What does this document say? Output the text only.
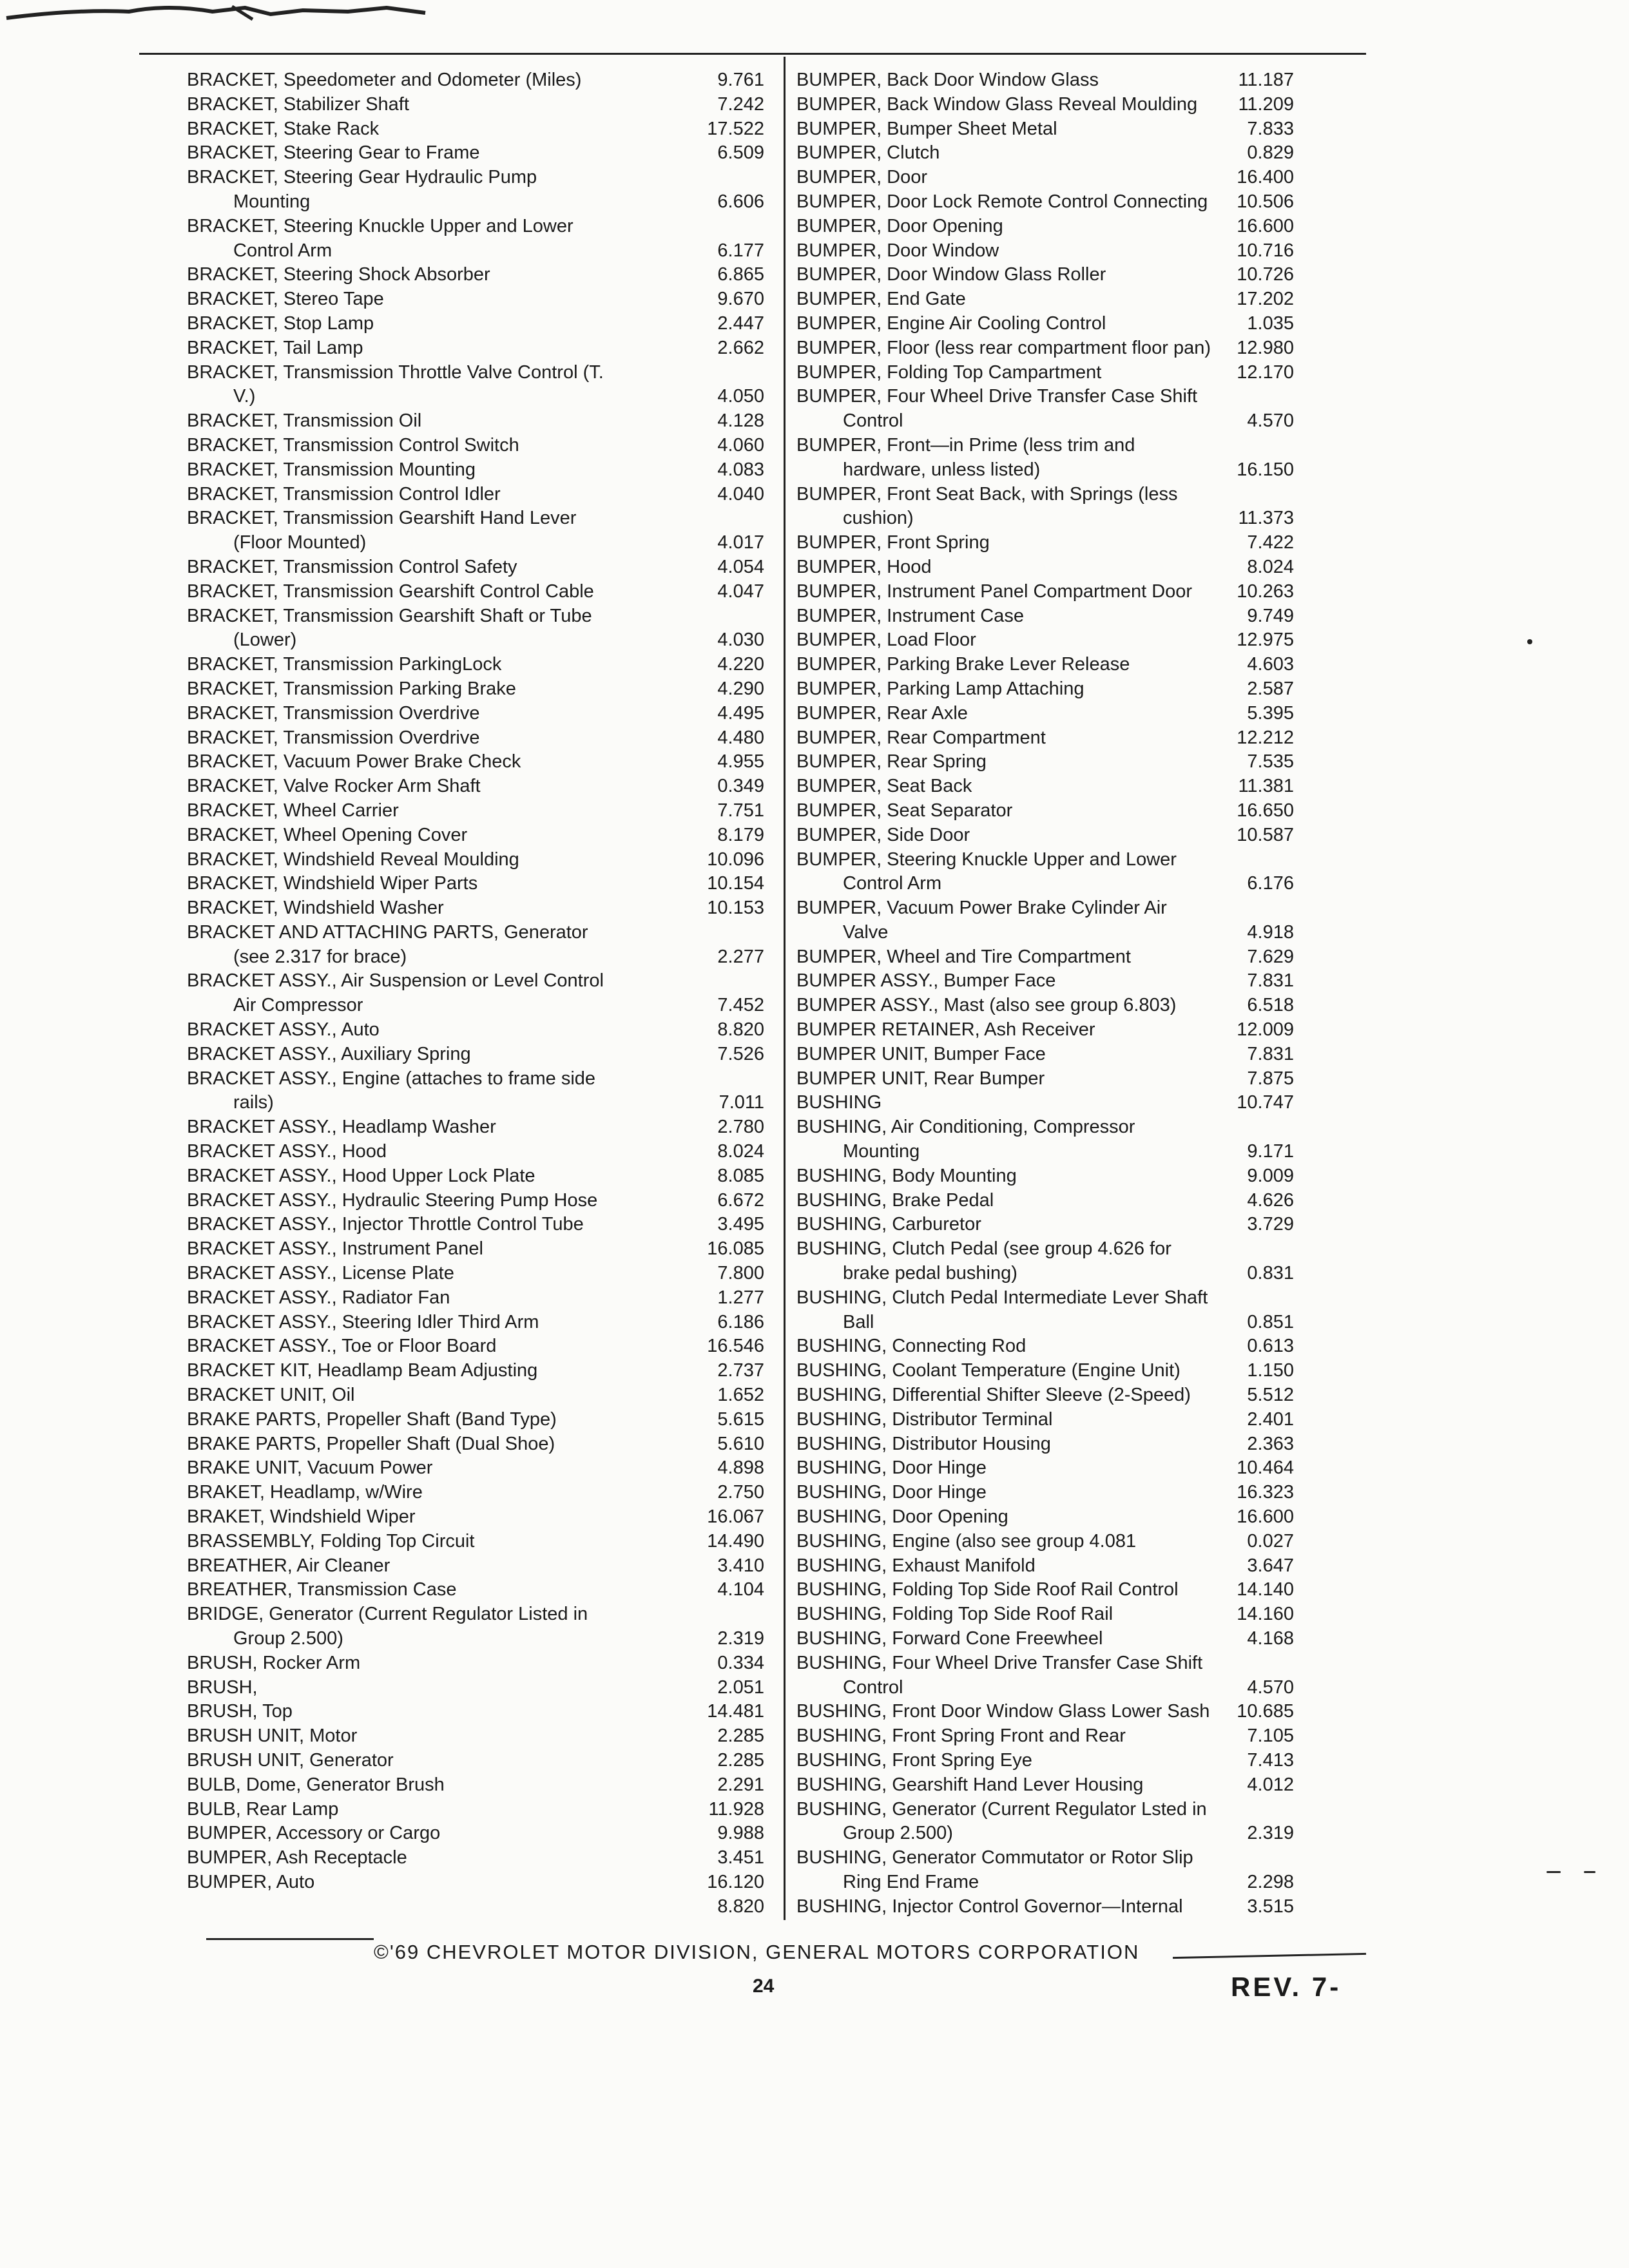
BRACKET, Speedometer and Odometer (Miles)	9.761
BRACKET, Stabilizer Shaft	7.242
BRACKET, Stake Rack	17.522
BRACKET, Steering Gear to Frame	6.509
BRACKET, Steering Gear Hydraulic Pump
Mounting	6.606
BRACKET, Steering Knuckle Upper and Lower
Control Arm	6.177
BRACKET, Steering Shock Absorber	6.865
BRACKET, Stereo Tape	9.670
BRACKET, Stop Lamp	2.447
BRACKET, Tail Lamp	2.662
BRACKET, Transmission Throttle Valve Control (T.
V.)	4.050
BRACKET, Transmission Oil	4.128
BRACKET, Transmission Control Switch	4.060
BRACKET, Transmission Mounting	4.083
BRACKET, Transmission Control Idler	4.040
BRACKET, Transmission Gearshift Hand Lever
(Floor Mounted)	4.017
BRACKET, Transmission Control Safety	4.054
BRACKET, Transmission Gearshift Control Cable	4.047
BRACKET, Transmission Gearshift Shaft or Tube
(Lower)	4.030
BRACKET, Transmission ParkingLock	4.220
BRACKET, Transmission Parking Brake	4.290
BRACKET, Transmission Overdrive	4.495
BRACKET, Transmission Overdrive	4.480
BRACKET, Vacuum Power Brake Check	4.955
BRACKET, Valve Rocker Arm Shaft	0.349
BRACKET, Wheel Carrier	7.751
BRACKET, Wheel Opening Cover	8.179
BRACKET, Windshield Reveal Moulding	10.096
BRACKET, Windshield Wiper Parts	10.154
BRACKET, Windshield Washer	10.153
BRACKET AND ATTACHING PARTS, Generator
(see 2.317 for brace)	2.277
BRACKET ASSY., Air Suspension or Level Control
Air Compressor	7.452
BRACKET ASSY., Auto	8.820
BRACKET ASSY., Auxiliary Spring	7.526
BRACKET ASSY., Engine (attaches to frame side
rails)	7.011
BRACKET ASSY., Headlamp Washer	2.780
BRACKET ASSY., Hood	8.024
BRACKET ASSY., Hood Upper Lock Plate	8.085
BRACKET ASSY., Hydraulic Steering Pump Hose	6.672
BRACKET ASSY., Injector Throttle Control Tube	3.495
BRACKET ASSY., Instrument Panel	16.085
BRACKET ASSY., License Plate	7.800
BRACKET ASSY., Radiator Fan	1.277
BRACKET ASSY., Steering Idler Third Arm	6.186
BRACKET ASSY., Toe or Floor Board	16.546
BRACKET KIT, Headlamp Beam Adjusting	2.737
BRACKET UNIT, Oil	1.652
BRAKE PARTS, Propeller Shaft (Band Type)	5.615
BRAKE PARTS, Propeller Shaft (Dual Shoe)	5.610
BRAKE UNIT, Vacuum Power	4.898
BRAKET, Headlamp, w/Wire	2.750
BRAKET, Windshield Wiper	16.067
BRASSEMBLY, Folding Top Circuit	14.490
BREATHER, Air Cleaner	3.410
BREATHER, Transmission Case	4.104
BRIDGE, Generator (Current Regulator Listed in
Group 2.500)	2.319
BRUSH, Rocker Arm	0.334
BRUSH,	2.051
BRUSH, Top	14.481
BRUSH UNIT, Motor	2.285
BRUSH UNIT, Generator	2.285
BULB, Dome, Generator Brush	2.291
BULB, Rear Lamp	11.928
BUMPER, Accessory or Cargo	9.988
BUMPER, Ash Receptacle	3.451
BUMPER, Auto	16.120
8.820
BUMPER, Back Door Window Glass	11.187
BUMPER, Back Window Glass Reveal Moulding	11.209
BUMPER, Bumper Sheet Metal	7.833
BUMPER, Clutch	0.829
BUMPER, Door	16.400
BUMPER, Door Lock Remote Control Connecting	10.506
BUMPER, Door Opening	16.600
BUMPER, Door Window	10.716
BUMPER, Door Window Glass Roller	10.726
BUMPER, End Gate	17.202
BUMPER, Engine Air Cooling Control	1.035
BUMPER, Floor (less rear compartment floor pan)	12.980
BUMPER, Folding Top Campartment	12.170
BUMPER, Four Wheel Drive Transfer Case Shift
Control	4.570
BUMPER, Front—in Prime (less trim and
hardware, unless listed)	16.150
BUMPER, Front Seat Back, with Springs (less
cushion)	11.373
BUMPER, Front Spring	7.422
BUMPER, Hood	8.024
BUMPER, Instrument Panel Compartment Door	10.263
BUMPER, Instrument Case	9.749
BUMPER, Load Floor	12.975
BUMPER, Parking Brake Lever Release	4.603
BUMPER, Parking Lamp Attaching	2.587
BUMPER, Rear Axle	5.395
BUMPER, Rear Compartment	12.212
BUMPER, Rear Spring	7.535
BUMPER, Seat Back	11.381
BUMPER, Seat Separator	16.650
BUMPER, Side Door	10.587
BUMPER, Steering Knuckle Upper and Lower
Control Arm	6.176
BUMPER, Vacuum Power Brake Cylinder Air
Valve	4.918
BUMPER, Wheel and Tire Compartment	7.629
BUMPER ASSY., Bumper Face	7.831
BUMPER ASSY., Mast (also see group 6.803)	6.518
BUMPER RETAINER, Ash Receiver	12.009
BUMPER UNIT, Bumper Face	7.831
BUMPER UNIT, Rear Bumper	7.875
BUSHING	10.747
BUSHING, Air Conditioning, Compressor
Mounting	9.171
BUSHING, Body Mounting	9.009
BUSHING, Brake Pedal	4.626
BUSHING, Carburetor	3.729
BUSHING, Clutch Pedal (see group 4.626 for
brake pedal bushing)	0.831
BUSHING, Clutch Pedal Intermediate Lever Shaft
Ball	0.851
BUSHING, Connecting Rod	0.613
BUSHING, Coolant Temperature (Engine Unit)	1.150
BUSHING, Differential Shifter Sleeve (2-Speed)	5.512
BUSHING, Distributor Terminal	2.401
BUSHING, Distributor Housing	2.363
BUSHING, Door Hinge	10.464
BUSHING, Door Hinge	16.323
BUSHING, Door Opening	16.600
BUSHING, Engine (also see group 4.081	0.027
BUSHING, Exhaust Manifold	3.647
BUSHING, Folding Top Side Roof Rail Control	14.140
BUSHING, Folding Top Side Roof Rail	14.160
BUSHING, Forward Cone Freewheel	4.168
BUSHING, Four Wheel Drive Transfer Case Shift
Control	4.570
BUSHING, Front Door Window Glass Lower Sash	10.685
BUSHING, Front Spring Front and Rear	7.105
BUSHING, Front Spring Eye	7.413
BUSHING, Gearshift Hand Lever Housing	4.012
BUSHING, Generator (Current Regulator Lsted in
Group 2.500)	2.319
BUSHING, Generator Commutator or Rotor Slip
Ring End Frame	2.298
BUSHING, Injector Control Governor—Internal	3.515
©'69 CHEVROLET MOTOR DIVISION, GENERAL MOTORS CORPORATION
24	REV. 7-
